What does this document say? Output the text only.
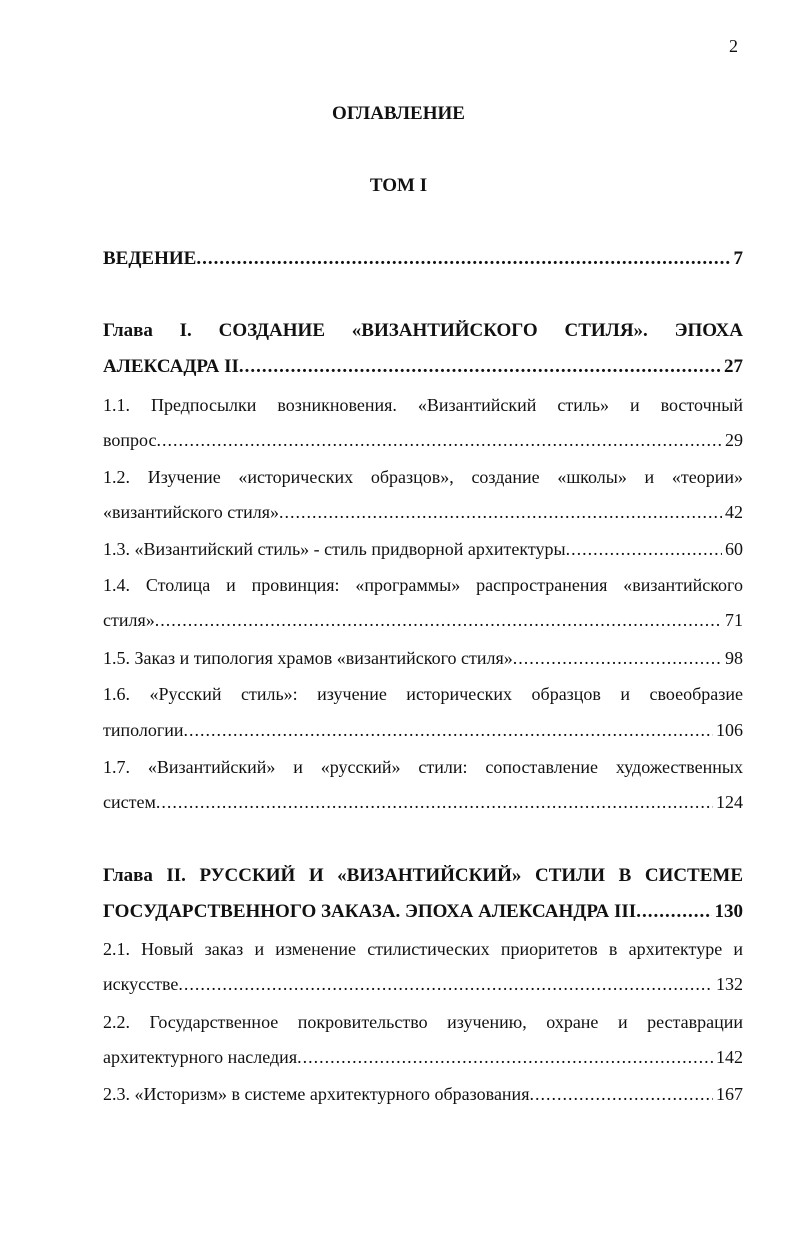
2
ОГЛАВЛЕНИЕ
ТОМ I
ВЕДЕНИЕ .....	7
Глава I. СОЗДАНИЕ «ВИЗАНТИЙСКОГО СТИЛЯ». ЭПОХА
АЛЕКСАДРА II .....	27
1.1. Предпосылки возникновения. «Византийский стиль» и восточный
вопрос .....	29
1.2. Изучение «исторических образцов», создание «школы» и «теории»
«византийского стиля» .....	42
1.3. «Византийский стиль» - стиль придворной архитектуры .....	60
1.4. Столица и провинция: «программы» распространения «византийского
стиля» .....	71
1.5. Заказ и типология храмов «византийского стиля» .....	98
1.6. «Русский стиль»: изучение исторических образцов и своеобразие
типологии .....	106
1.7. «Византийский» и «русский» стили: сопоставление художественных
систем .....	124
Глава II. РУССКИЙ И «ВИЗАНТИЙСКИЙ» СТИЛИ В СИСТЕМЕ
ГОСУДАРСТВЕННОГО ЗАКАЗА. ЭПОХА АЛЕКСАНДРА III .....	130
2.1. Новый заказ и изменение стилистических приоритетов в архитектуре и
искусстве .....	132
2.2. Государственное покровительство изучению, охране и реставрации
архитектурного наследия .....	142
2.3. «Историзм» в системе архитектурного образования .....	167
